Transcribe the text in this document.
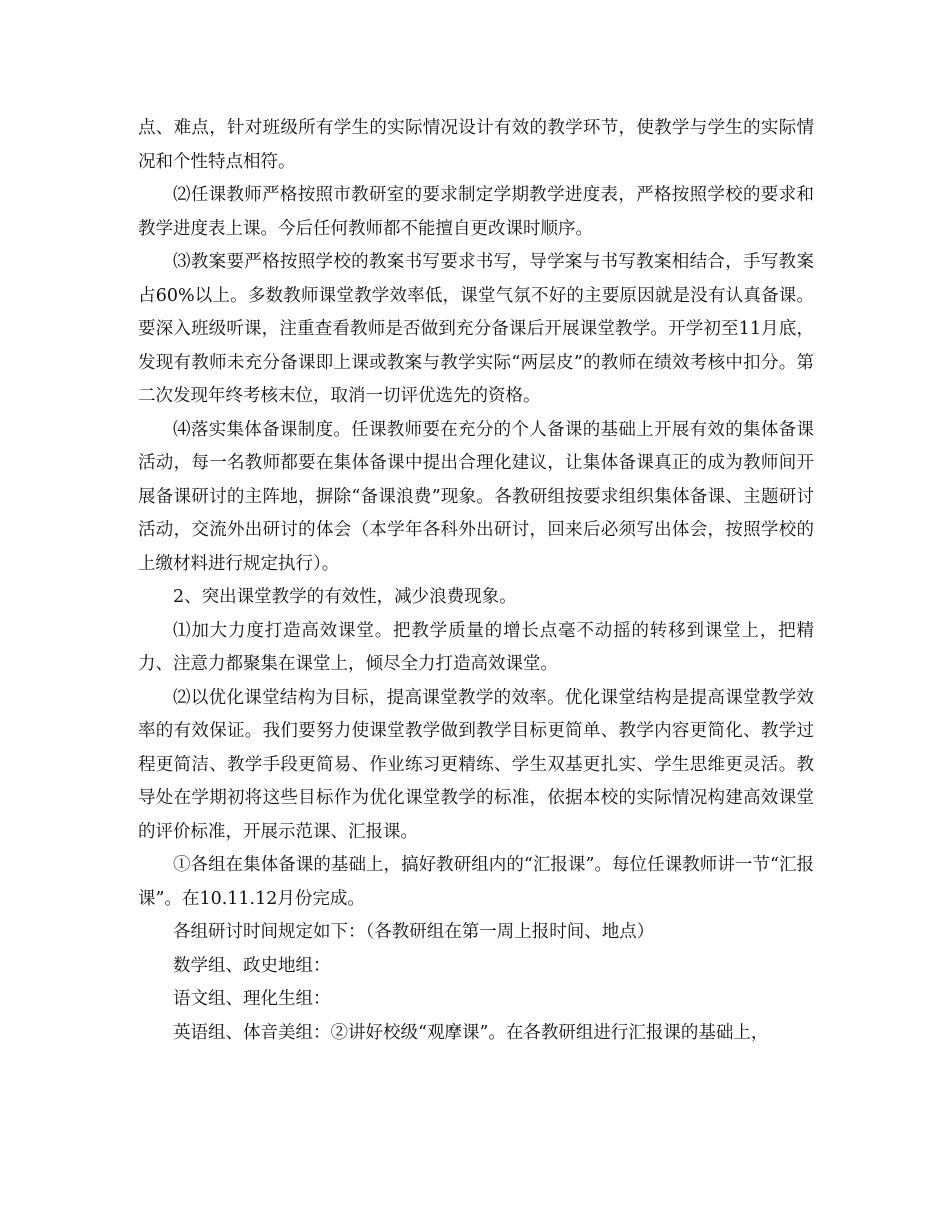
点、难点，针对班级所有学生的实际情况设计有效的教学环节，使教学与学生的实际情况和个性特点相符。

⑵任课教师严格按照市教研室的要求制定学期教学进度表，严格按照学校的要求和教学进度表上课。今后任何教师都不能擅自更改课时顺序。

⑶教案要严格按照学校的教案书写要求书写，导学案与书写教案相结合，手写教案占60%以上。多数教师课堂教学效率低，课堂气氛不好的主要原因就是没有认真备课。要深入班级听课，注重查看教师是否做到充分备课后开展课堂教学。开学初至11月底，发现有教师未充分备课即上课或教案与教学实际“两层皮”的教师在绩效考核中扣分。第二次发现年终考核末位，取消一切评优选先的资格。

⑷落实集体备课制度。任课教师要在充分的个人备课的基础上开展有效的集体备课活动，每一名教师都要在集体备课中提出合理化建议，让集体备课真正的成为教师间开展备课研讨的主阵地，摒除“备课浪费”现象。各教研组按要求组织集体备课、主题研讨活动，交流外出研讨的体会（本学年各科外出研讨，回来后必须写出体会，按照学校的上缴材料进行规定执行）。

2、突出课堂教学的有效性，减少浪费现象。

⑴加大力度打造高效课堂。把教学质量的增长点毫不动摇的转移到课堂上，把精力、注意力都聚集在课堂上，倾尽全力打造高效课堂。

⑵以优化课堂结构为目标，提高课堂教学的效率。优化课堂结构是提高课堂教学效率的有效保证。我们要努力使课堂教学做到教学目标更简单、教学内容更简化、教学过程更简洁、教学手段更简易、作业练习更精练、学生双基更扎实、学生思维更灵活。教导处在学期初将这些目标作为优化课堂教学的标准，依据本校的实际情况构建高效课堂的评价标准，开展示范课、汇报课。

①各组在集体备课的基础上，搞好教研组内的“汇报课”。每位任课教师讲一节“汇报课”。在10.11.12月份完成。

各组研讨时间规定如下：（各教研组在第一周上报时间、地点）

数学组、政史地组：

语文组、理化生组：

英语组、体音美组：②讲好校级“观摩课”。在各教研组进行汇报课的基础上，
